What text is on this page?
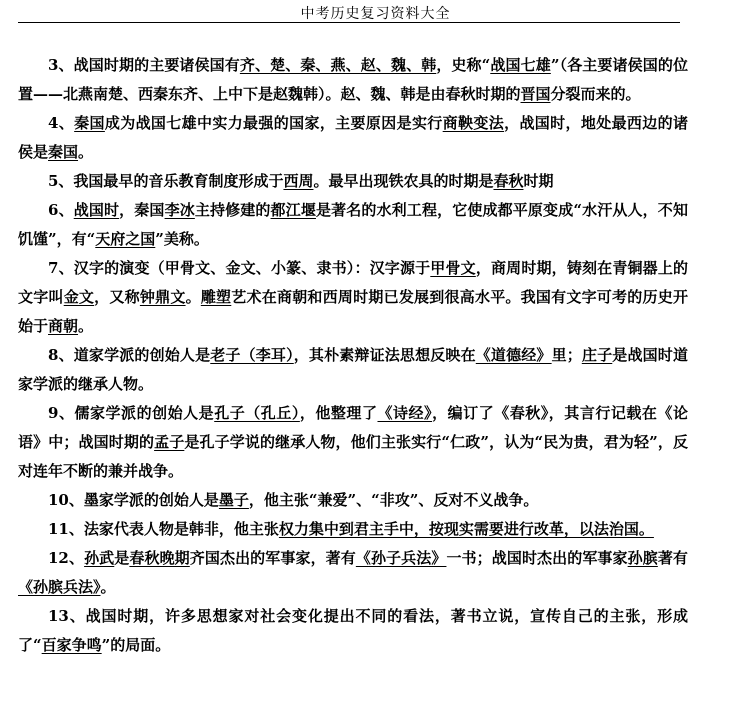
中考历史复习资料大全

3、战国时期的主要诸侯国有齐、楚、秦、燕、赵、魏、韩，史称“战国七雄”（各主要诸侯国的位置——北燕南楚、西秦东齐、上中下是赵魏韩）。赵、魏、韩是由春秋时期的晋国分裂而来的。

4、秦国成为战国七雄中实力最强的国家，主要原因是实行商鞅变法，战国时，地处最西边的诸侯是秦国。

5、我国最早的音乐教育制度形成于西周。最早出现铁农具的时期是春秋时期

6、战国时，秦国李冰主持修建的都江堰是著名的水利工程，它使成都平原变成“水汗从人，不知饥馑”，有“天府之国”美称。

7、汉字的演变（甲骨文、金文、小篆、隶书）：汉字源于甲骨文，商周时期，铸刻在青铜器上的文字叫金文，又称钟鼎文。雕塑艺术在商朝和西周时期已发展到很高水平。我国有文字可考的历史开始于商朝。

8、道家学派的创始人是老子（李耳），其朴素辩证法思想反映在《道德经》里；庄子是战国时道家学派的继承人物。

9、儒家学派的创始人是孔子（孔丘），他整理了《诗经》，编订了《春秋》，其言行记载在《论语》中；战国时期的孟子是孔子学说的继承人物，他们主张实行“仁政”，认为“民为贵，君为轻”，反对连年不断的兼并战争。

10、墨家学派的创始人是墨子，他主张“兼爱”、“非攻”、反对不义战争。

11、法家代表人物是韩非，他主张权力集中到君主手中，按现实需要进行改革，以法治国。

12、孙武是春秋晚期齐国杰出的军事家，著有《孙子兵法》一书；战国时杰出的军事家孙膑著有《孙膑兵法》。

13、战国时期，许多思想家对社会变化提出不同的看法，著书立说，宣传自己的主张，形成了“百家争鸣”的局面。
